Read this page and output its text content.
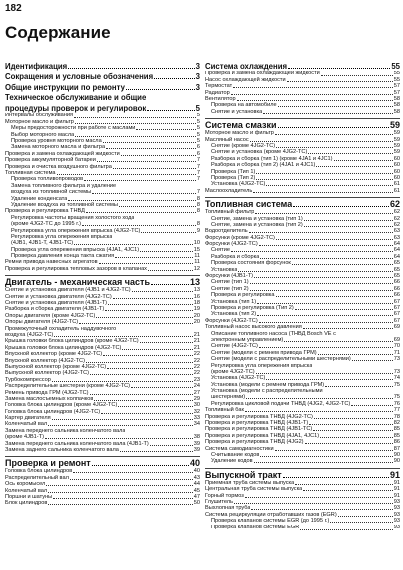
182
Содержание
Идентификация	3
Сокращения и условные обозначения	3
Общие инструкции по ремонту	3
Техническое обслуживание и общие
процедуры проверок и регулировок	5
Интервалы обслуживания	5
Моторное масло и фильтр	5
Меры предосторожности при работе с маслами	5
Выбор моторного масла	5
Проверка уровня моторного масла	5
Замена моторного масла и фильтра	6
Проверка и замена охлаждающей жидкости	6
Проверка аккумуляторной батареи	7
Проверка и очистка воздушного фильтра	7
Топливная система	7
Проверка топливопроводов	7
Замена топливного фильтра и удаление
воздуха из топливной системы	7
Удаление конденсата	8
Удаление воздуха из топливной системы	8
Проверка и регулировка ТНВД	8
Регулировка частоты вращения холостого хода
(кроме 4JG2-TC до 1995 г.)	8
Регулировка угла опережения впрыска (4JG2-TC)	9
Регулировка угла опережения впрыска
(4JB1, 4JB1-T, 4JB1-TC)	10
Проверка угла опережения впрыска (4JA1, 4JC1)	15
Проверка давления конца такта сжатия	11
Ремни привода навесных агрегатов	11
Проверка и регулировка тепловых зазоров в клапанах	12
Двигатель - механическая часть	13
Снятие и установка двигателя (4JB1 и 4JG2-TC)	13
Снятие и установка двигателя (4JG2-TC)	16
Снятие и установка двигателя (4JB1-T)	18
Разборка и сборка двигателя (4JB1-T)	19
Опоры двигателя (кроме 4JG2-TC)	20
Опоры двигателя (4JG2-TC)	20
Промежуточный охладитель наддувочного
воздуха (4JG2-TC)	21
Крышка головки блока цилиндров (кроме 4JG2-TC)	21
Крышка головки блока цилиндров (4JG2-TC)	21
Впускной коллектор (кроме 4JG2-TC)	22
Впускной коллектор (4JG2-TC)	22
Выпускной коллектор (кроме 4JG2-TC)	22
Выпускной коллектор (4JG2-TC)	22
Турбокомпрессор	23
Распределительные шестерни (кроме 4JG2-TC)	24
Ремень привода ГРМ (4JG2-TC)	27
Замена маслосъемных колпачков	29
Головка блока цилиндров (кроме 4JG2-TC)	30
Головка блока цилиндров (4JG2-TC)	32
Картер двигателя	33
Коленчатый вал	34
Замена переднего сальника коленчатого вала
(кроме 4JB1-T)	38
Замена переднего сальника коленчатого вала (4JB1-T)	39
Замена заднего сальника коленчатого вала	39
Проверка и ремонт	40
Головка блока цилиндров	40
Распределительный вал	43
Ось коромысел	44
Коленчатый вал	45
Поршни и шатуны	47
Блок цилиндров	50
Система охлаждения	55
Проверка и замена охлаждающей жидкости	55
Насос охлаждающей жидкости	55
Термостат	57
Радиатор	57
Вентилятор	58
Проверка на автомобиле	58
Снятие и установка	58
Система смазки	59
Моторное масло и фильтр	59
Масляный насос	59
Снятие (кроме 4JG2-TC)	59
Снятие и установка (кроме 4JG2-TC)	59
Разборка и сборка (тип 1) (кроме 4JA1 и 4JC1)	60
Разборка и сборка (тип 2) (4JA1 и 4JC1)	60
Проверка (Тип 1)	60
Проверка (Тип 2)	60
Установка (4JG2-TC)	61
Маслоохладитель	61
Топливная система	62
Топливный фильтр	62
Снятие, замена и установка (тип 1)	62
Снятие, замена и установка (тип 2)	62
Водоотделитель	63
Форсунки (кроме 4JG2-TC)	63
Форсунки (4JG2-TC)	64
Снятие	64
Разборка и сборка	64
Проверка состояния форсунок	65
Установка	65
Форсунки (4JB1-T)	65
Снятие (тип 1)	66
Снятие (тип 2)	66
Проверка и регулировка	66
Установка (тип 1)	67
Проверка и регулировка (Тип 2)	67
Установка (тип 2)	67
Форсунки (4JG2-TC)	67
Топливный насос высокого давления	69
Описание топливного насоса (ТНВД Bosch VE с
электронным управлением)	69
Снятие (4JG2-TC)	70
Снятие (модели с ремнем привода ГРМ)	71
Снятие (модели с распределительными шестернями)	73
Регулировка угла опережения впрыска
(кроме 4JG2-TC)	73
Установка (4JG2-TC)	74
Установка (модели с ремнем привода ГРМ)	75
Установка (модели с распределительными
шестернями)	75
Регулировка цикловой подачи ТНВД (4JG2, 4JG2-TC)	76
Топливный бак	77
Проверка и регулировка ТНВД (4JG2-TC)	78
Проверка и регулировка ТНВД (4JB1-T)	82
Проверка и регулировка ТНВД (4JB1-TC)	85
Проверка и регулировка ТНВД (4JA1, 4JC1)	85
Проверка и регулировка ТНВД (4JG2)	86
Система самодиагностики	87
Считывание кодов	90
Удаление кодов	90
Выпускной тракт	91
Приемная труба системы выпуска	91
Центральная труба системы выпуска	91
Горный тормоз	91
Глушитель	93
Выхлопная труба	93
Система рециркуляции отработавших газов (EGR)	93
Проверка клапанов системы EGR (до 1995 г.)	93
Проверка клапанов системы EGR	93
